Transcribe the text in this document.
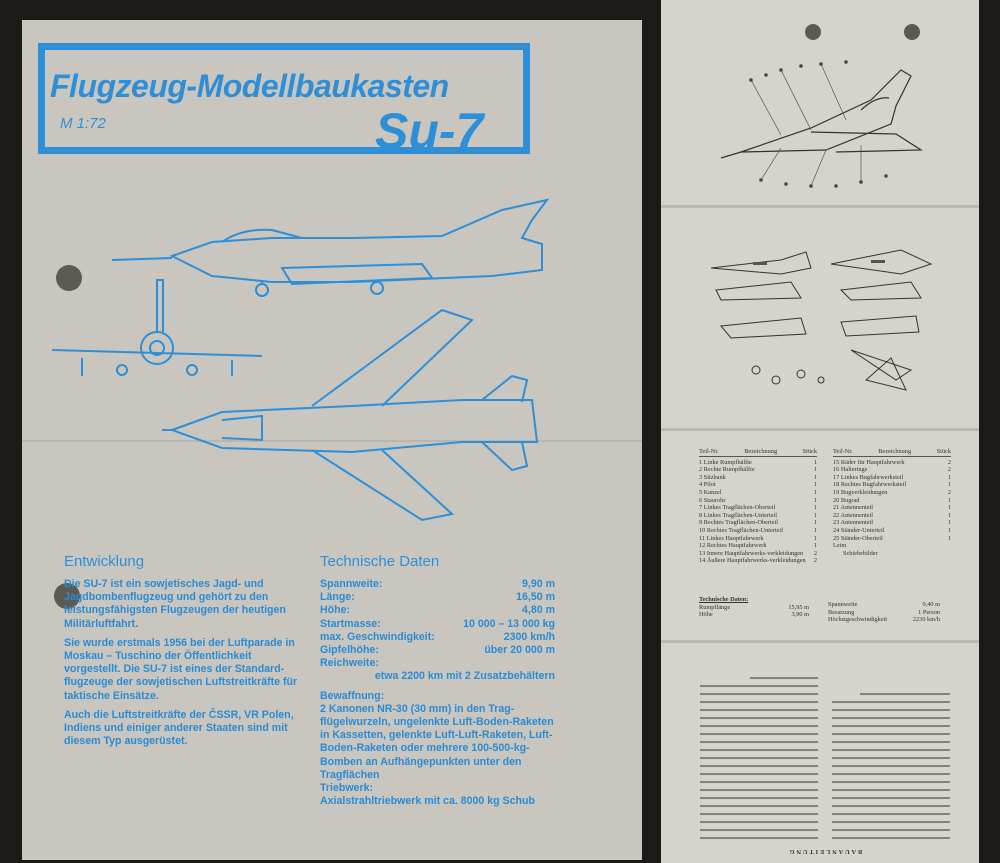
Flugzeug-Modellbaukasten
M 1:72	Su-7
Entwicklung

Die SU-7 ist ein sowjetisches Jagd- und Jagdbombenflugzeug und gehört zu den leistungsfähigsten Flugzeugen der heutigen Militärluftfahrt.

Sie wurde erstmals 1956 bei der Luftparade in Moskau – Tuschino der Öffentlichkeit vorgestellt. Die SU-7 ist eines der Standard-flugzeuge der sowjetischen Luftstreitkräfte für taktische Einsätze.

Auch die Luftstreitkräfte der ČSSR, VR Polen, Indiens und einiger anderer Staaten sind mit diesem Typ ausgerüstet.

Technische Daten
Spannweite:	9,90 m
Länge:	16,50 m
Höhe:	4,80 m
Startmasse:	10 000 – 13 000 kg
max. Geschwindigkeit:	2300 km/h
Gipfelhöhe:	über 20 000 m
Reichweite:
etwa 2200 km mit 2 Zusatzbehältern
Bewaffnung:
2 Kanonen NR-30 (30 mm) in den Trag-flügelwurzeln, ungelenkte Luft-Boden-Raketen in Kassetten, gelenkte Luft-Luft-Raketen, Luft-Boden-Raketen oder mehrere 100-500-kg-Bomben an Aufhängepunkten unter den Tragflächen
Triebwerk:
Axialstrahltriebwerk mit ca. 8000 kg Schub
Teil-Nr.	Bezeichnung	Stück
1 Linke Rumpfhälfte	1
2 Rechte Rumpfhälfte	1
3 Sitzbank	1
4 Pilot	1
5 Kanzel	1
6 Staurohr	1
7 Linkes Tragflächen-Oberteil	1
8 Linkes Tragflächen-Unterteil	1
9 Rechtes Tragflächen-Oberteil	1
10 Rechtes Tragflächen-Unterteil	1
11 Linkes Hauptfahrwerk	1
12 Rechtes Hauptfahrwerk	1
13 Innere Hauptfahrwerks-verkleidungen 2
14 Äußere Hauptfahrwerks-verkleidungen 2
Teil-Nr.	Bezeichnung	Stück
15 Räder für Hauptfahrwerk	2
16 Halteringe	2
17 Linkes Bugfahrwerksteil	1
18 Rechtes Bugfahrwerksteil	1
19 Bugverkleidungen	2
20 Bugrad	1
21 Antennenteil	1
22 Antennenteil	1
23 Antennenteil	1
24 Ständer-Unterteil	1
25 Ständer-Oberteil	1
Leim
Schiebebilder
Technische Daten:
Rumpflänge	15,95 m
Höhe	3,90 m
Spannweite	9,40 m
Besatzung	1 Person
Höchstgeschwindigkeit	2230 km/h
BAUANLEITUNG
